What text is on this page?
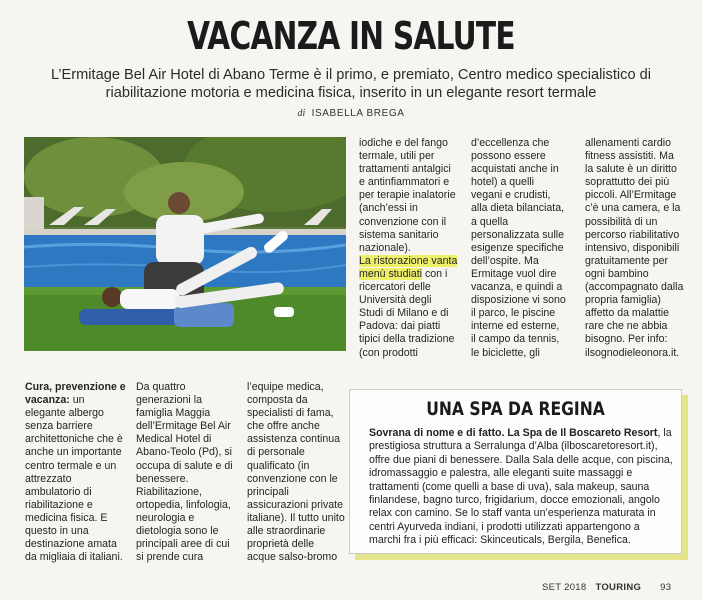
VACANZA IN SALUTE
L’Ermitage Bel Air Hotel di Abano Terme è il primo, e premiato, Centro medico specialistico di riabilitazione motoria e medicina fisica, inserito in un elegante resort termale
di ISABELLA BREGA

iodiche e del fango
termale, utili per
trattamenti antalgici
e antinfiammatori e
per terapie inalatorie
(anch’essi in
convenzione con il
sistema sanitario
nazionale).

La ristorazione vanta menù studiati con i
ricercatori delle
Università degli
Studi di Milano e di
Padova: dai piatti
tipici della tradizione
(con prodotti

d’eccellenza che
possono essere
acquistati anche in
hotel) a quelli
vegani e crudisti,
alla dieta bilanciata,
a quella
personalizzata sulle
esigenze specifiche
dell’ospite. Ma
Ermitage vuol dire
vacanza, e quindi a
disposizione vi sono
il parco, le piscine
interne ed esterne,
il campo da tennis,
le biciclette, gli

allenamenti cardio
fitness assistiti. Ma
la salute è un diritto
soprattutto dei più
piccoli. All’Ermitage
c’è una camera, e la
possibilità di un
percorso riabilitativo
intensivo, disponibili
gratuitamente per
ogni bambino
(accompagnato dalla
propria famiglia)
affetto da malattie
rare che ne abbia
bisogno. Per info:
ilsognodieleonora.it.

Cura, prevenzione e vacanza: un
elegante albergo
senza barriere
architettoniche che è
anche un importante
centro termale e un
attrezzato
ambulatorio di
riabilitazione e
medicina fisica. E
questo in una
destinazione amata
da migliaia di italiani.

Da quattro
generazioni la
famiglia Maggia
dell’Ermitage Bel Air
Medical Hotel di
Abano-Teolo (Pd), si
occupa di salute e di
benessere.
Riabilitazione,
ortopedia, linfologia,
neurologia e
dietologia sono le
principali aree di cui
si prende cura

l’equipe medica,
composta da
specialisti di fama,
che offre anche
assistenza continua
di personale
qualificato (in
convenzione con le
principali
assicurazioni private
italiane). Il tutto unito
alle straordinarie
proprietà delle
acque salso-bromo

UNA SPA DA REGINA
Sovrana di nome e di fatto. La Spa de Il Boscareto Resort, la prestigiosa struttura a Serralunga d’Alba (ilboscaretoresort.it), offre due piani di benessere. Dalla Sala delle acque, con piscina, idromassaggio e palestra, alle eleganti suite massaggi e trattamenti (come quelli a base di uva), sala makeup, sauna finlandese, bagno turco, frigidarium, docce emozionali, angolo relax con camino. Se lo staff vanta un’esperienza maturata in centri Ayurveda indiani, i prodotti utilizzati appartengono a marchi fra i più efficaci: Skinceuticals, Bergila, Benefica.
SET 2018 TOURING 93
